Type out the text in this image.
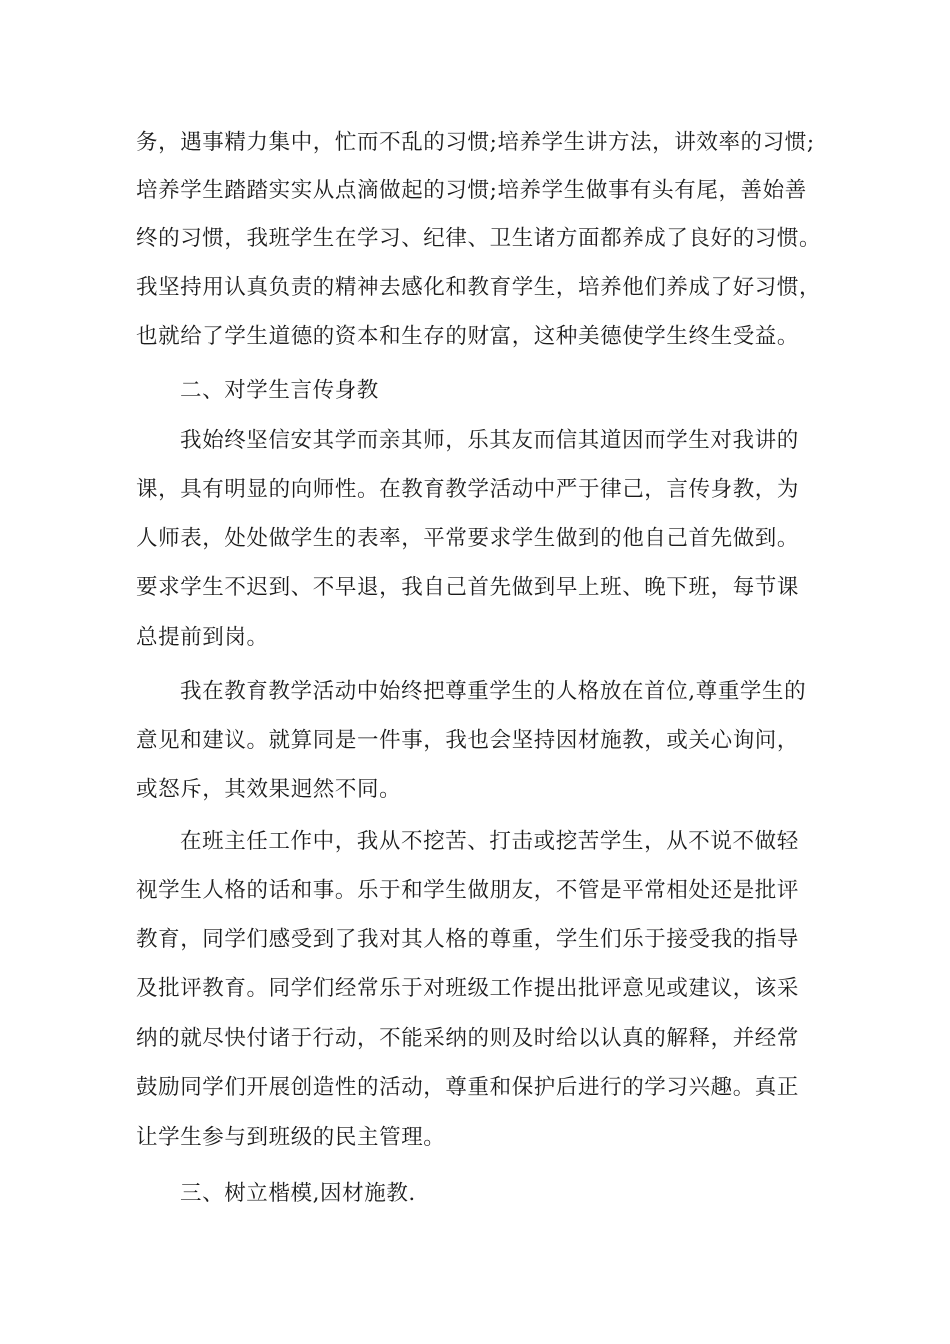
务，遇事精力集中，忙而不乱的习惯;培养学生讲方法，讲效率的习惯;
培养学生踏踏实实从点滴做起的习惯;培养学生做事有头有尾，善始善
终的习惯，我班学生在学习、纪律、卫生诸方面都养成了良好的习惯。
我坚持用认真负责的精神去感化和教育学生，培养他们养成了好习惯，
也就给了学生道德的资本和生存的财富，这种美德使学生终生受益。
二、对学生言传身教
我始终坚信安其学而亲其师，乐其友而信其道因而学生对我讲的
课，具有明显的向师性。在教育教学活动中严于律己，言传身教，为
人师表，处处做学生的表率，平常要求学生做到的他自己首先做到。
要求学生不迟到、不早退，我自己首先做到早上班、晚下班，每节课
总提前到岗。
我在教育教学活动中始终把尊重学生的人格放在首位,尊重学生的
意见和建议。就算同是一件事，我也会坚持因材施教，或关心询问，
或怒斥，其效果迥然不同。
在班主任工作中，我从不挖苦、打击或挖苦学生，从不说不做轻
视学生人格的话和事。乐于和学生做朋友，不管是平常相处还是批评
教育，同学们感受到了我对其人格的尊重，学生们乐于接受我的指导
及批评教育。同学们经常乐于对班级工作提出批评意见或建议，该采
纳的就尽快付诸于行动，不能采纳的则及时给以认真的解释，并经常
鼓励同学们开展创造性的活动，尊重和保护后进行的学习兴趣。真正
让学生参与到班级的民主管理。
三、树立楷模,因材施教.
